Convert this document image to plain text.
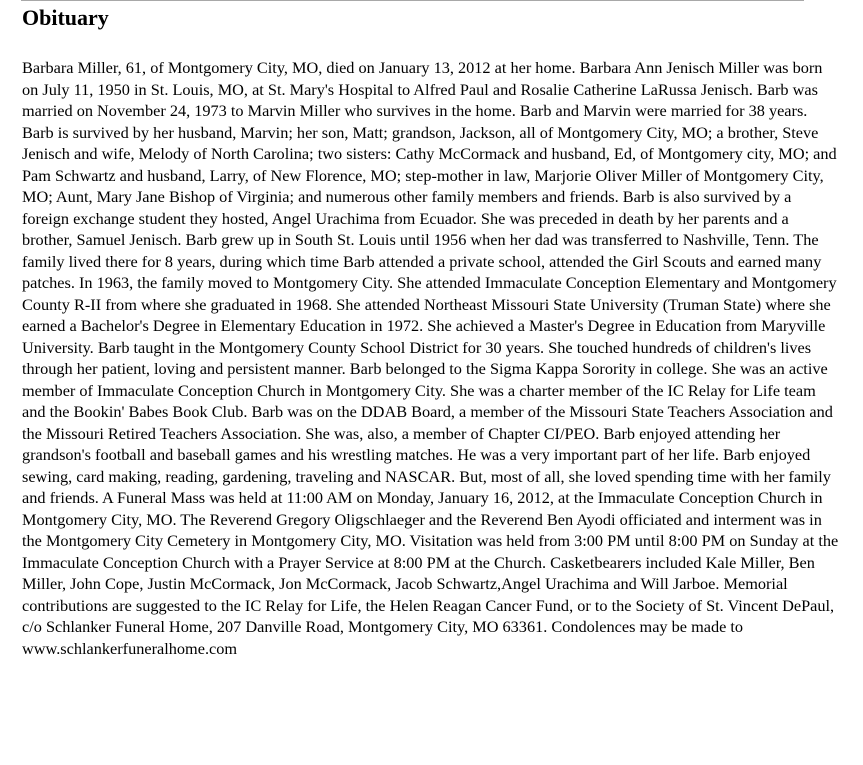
Obituary

Barbara Miller, 61, of Montgomery City, MO, died on January 13, 2012 at her home. Barbara Ann Jenisch Miller was born on July 11, 1950 in St. Louis, MO, at St. Mary's Hospital to Alfred Paul and Rosalie Catherine LaRussa Jenisch. Barb was married on November 24, 1973 to Marvin Miller who survives in the home. Barb and Marvin were married for 38 years. Barb is survived by her husband, Marvin; her son, Matt; grandson, Jackson, all of Montgomery City, MO; a brother, Steve Jenisch and wife, Melody of North Carolina; two sisters: Cathy McCormack and husband, Ed, of Montgomery city, MO; and Pam Schwartz and husband, Larry, of New Florence, MO; step-mother in law, Marjorie Oliver Miller of Montgomery City, MO; Aunt, Mary Jane Bishop of Virginia; and numerous other family members and friends. Barb is also survived by a foreign exchange student they hosted, Angel Urachima from Ecuador. She was preceded in death by her parents and a brother, Samuel Jenisch. Barb grew up in South St. Louis until 1956 when her dad was transferred to Nashville, Tenn. The family lived there for 8 years, during which time Barb attended a private school, attended the Girl Scouts and earned many patches. In 1963, the family moved to Montgomery City. She attended Immaculate Conception Elementary and Montgomery County R-II from where she graduated in 1968. She attended Northeast Missouri State University (Truman State) where she earned a Bachelor's Degree in Elementary Education in 1972. She achieved a Master's Degree in Education from Maryville University. Barb taught in the Montgomery County School District for 30 years. She touched hundreds of children's lives through her patient, loving and persistent manner. Barb belonged to the Sigma Kappa Sorority in college. She was an active member of Immaculate Conception Church in Montgomery City. She was a charter member of the IC Relay for Life team and the Bookin' Babes Book Club. Barb was on the DDAB Board, a member of the Missouri State Teachers Association and the Missouri Retired Teachers Association. She was, also, a member of Chapter CI/PEO. Barb enjoyed attending her grandson's football and baseball games and his wrestling matches. He was a very important part of her life. Barb enjoyed sewing, card making, reading, gardening, traveling and NASCAR. But, most of all, she loved spending time with her family and friends. A Funeral Mass was held at 11:00 AM on Monday, January 16, 2012, at the Immaculate Conception Church in Montgomery City, MO. The Reverend Gregory Oligschlaeger and the Reverend Ben Ayodi officiated and interment was in the Montgomery City Cemetery in Montgomery City, MO. Visitation was held from 3:00 PM until 8:00 PM on Sunday at the Immaculate Conception Church with a Prayer Service at 8:00 PM at the Church. Casketbearers included Kale Miller, Ben Miller, John Cope, Justin McCormack, Jon McCormack, Jacob Schwartz,Angel Urachima and Will Jarboe. Memorial contributions are suggested to the IC Relay for Life, the Helen Reagan Cancer Fund, or to the Society of St. Vincent DePaul, c/o Schlanker Funeral Home, 207 Danville Road, Montgomery City, MO 63361. Condolences may be made to www.schlankerfuneralhome.com
